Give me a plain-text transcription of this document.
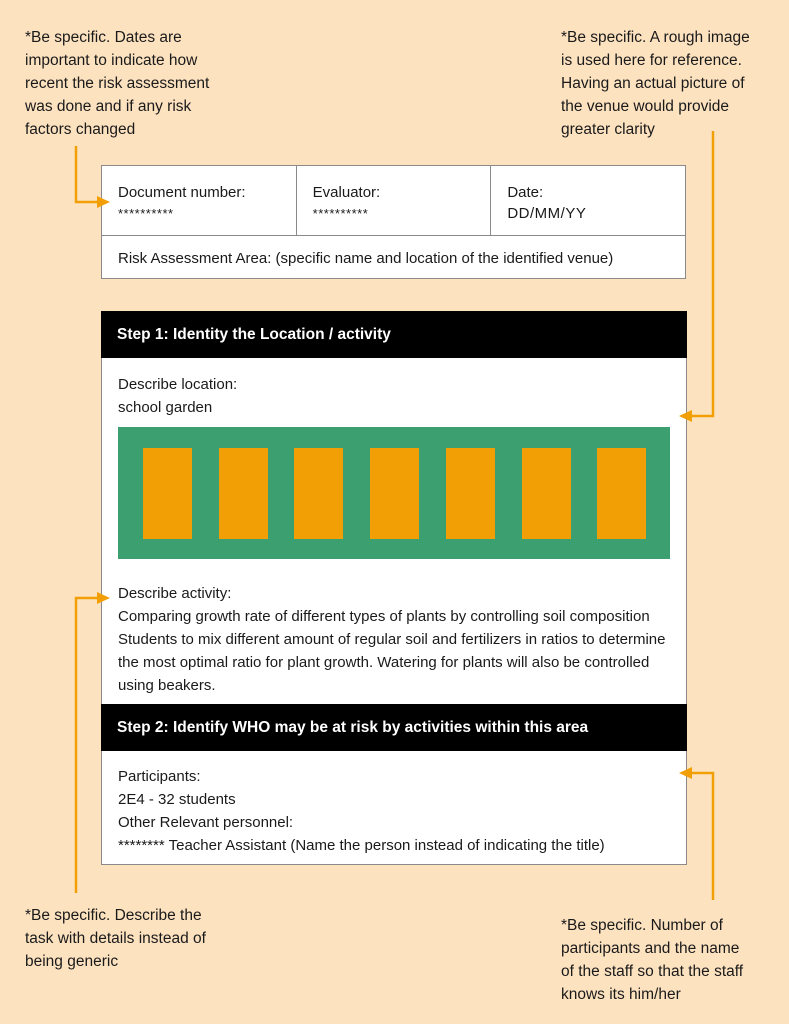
*Be specific. Dates are
important to indicate how
recent the risk assessment
was done and if any risk
factors changed
*Be specific. A rough image
is used here for reference.
Having an actual picture of
the venue would provide
greater clarity
*Be specific. Describe the
task with details instead of
being generic
*Be specific. Number of
participants and the name
of the staff so that the staff
knows its him/her
Document number:
**********
Evaluator:
**********
Date:
DD/MM/YY
Risk Assessment Area: (specific name and location of the identified venue)
Step 1: Identity the Location / activity
Describe location:
school garden
Describe activity:
Comparing growth rate of different types of plants by controlling soil composition Students to mix different amount of regular soil and fertilizers in ratios to determine the most optimal ratio for plant growth. Watering for plants will also be controlled using beakers.
Step 2: Identify WHO may be at risk by activities within this area
Participants:
2E4 - 32 students
Other Relevant personnel:
******** Teacher Assistant (Name the person instead of indicating the title)
